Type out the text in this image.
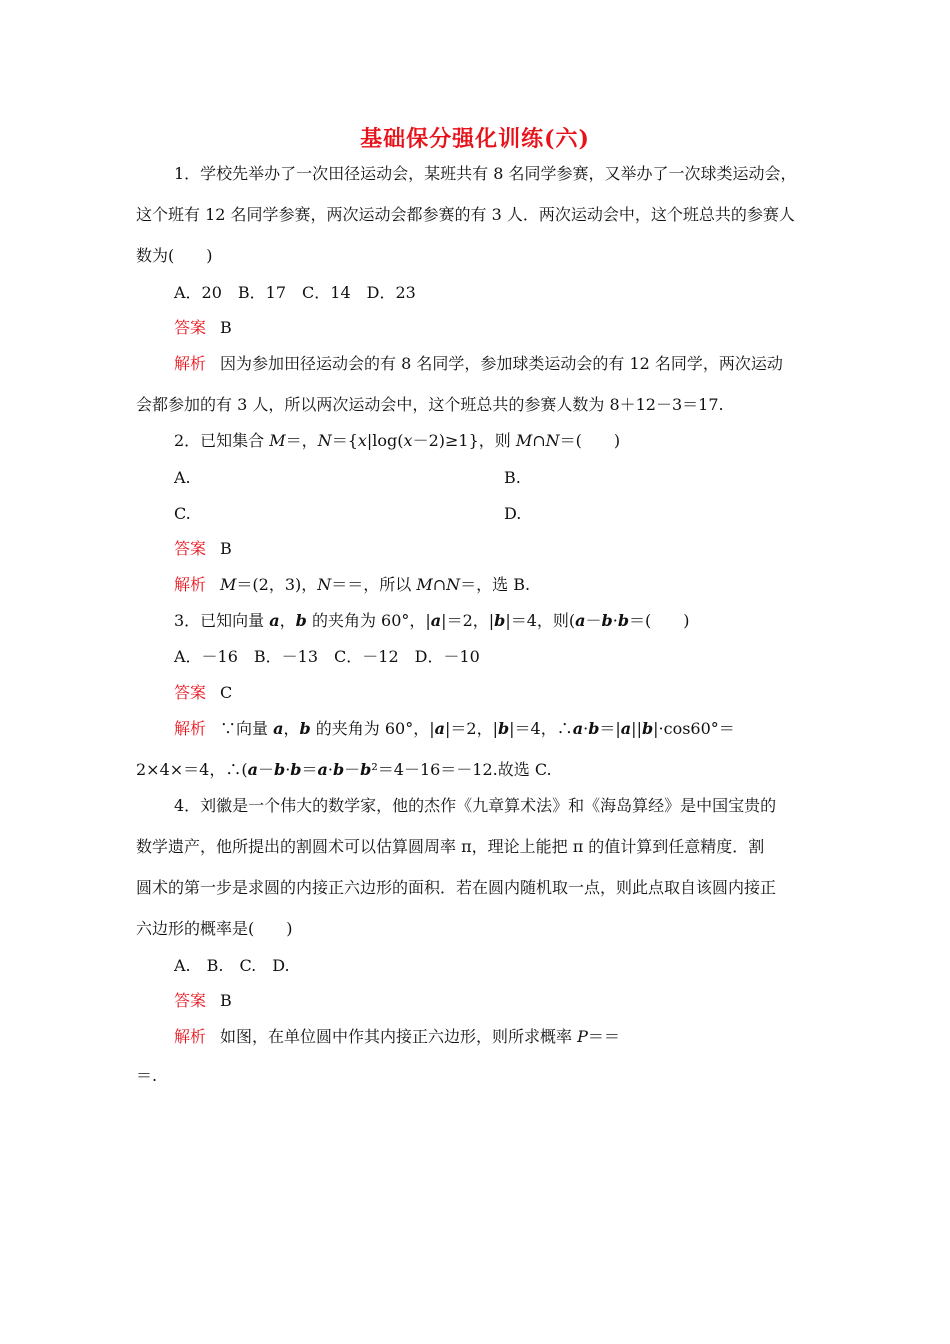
基础保分强化训练(六)
1．学校先举办了一次田径运动会，某班共有 8 名同学参赛，又举办了一次球类运动会，
这个班有 12 名同学参赛，两次运动会都参赛的有 3 人．两次运动会中，这个班总共的参赛人
数为(　　)
A．20　B．17　C．14　D．23
答案 B
解析 因为参加田径运动会的有 8 名同学，参加球类运动会的有 12 名同学，两次运动
会都参加的有 3 人，所以两次运动会中，这个班总共的参赛人数为 8＋12－3＝17.
2．已知集合 M＝，N＝{x|log(x－2)≥1}，则 M∩N＝(　　)
A.	B.
C.	D.
答案 B
解析 M＝(2，3)，N＝＝，所以 M∩N＝，选 B.
3．已知向量 a，b 的夹角为 60°，|a|＝2，|b|＝4，则(a－b·b＝(　　)
A．－16　B．－13　C．－12　D．－10
答案 C
解析 ∵向量 a，b 的夹角为 60°，|a|＝2，|b|＝4，∴a·b＝|a||b|·cos60°＝
2×4×＝4，∴(a－b·b＝a·b－b²＝4－16＝－12.故选 C.
4．刘徽是一个伟大的数学家，他的杰作《九章算术法》和《海岛算经》是中国宝贵的
数学遗产，他所提出的割圆术可以估算圆周率 π，理论上能把 π 的值计算到任意精度．割
圆术的第一步是求圆的内接正六边形的面积．若在圆内随机取一点，则此点取自该圆内接正
六边形的概率是(　　)
A.　B.　C.　D.
答案 B
解析 如图，在单位圆中作其内接正六边形，则所求概率 P＝＝
＝.
